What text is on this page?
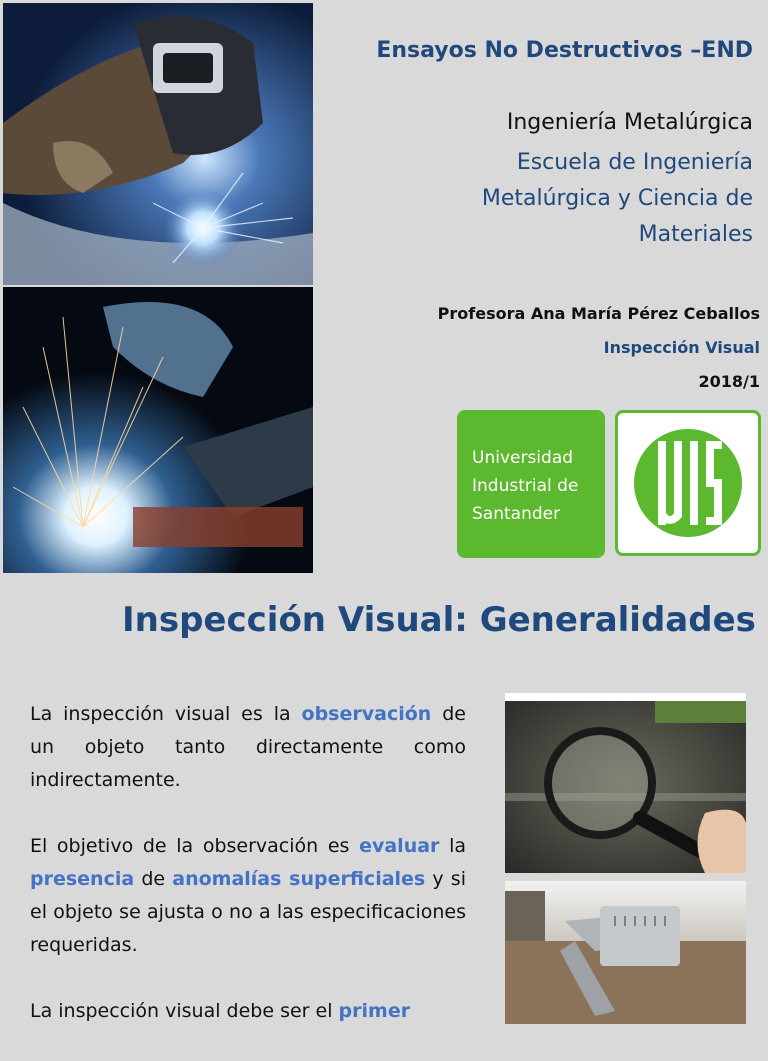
Ensayos No Destructivos –END
Ingeniería Metalúrgica
Escuela de Ingeniería
Metalúrgica y Ciencia de
Materiales
Profesora Ana María Pérez Ceballos
Inspección Visual
2018/1
Universidad
Industrial de
Santander
Inspección Visual: Generalidades

La inspección visual es la observación de un objeto tanto directamente como indirectamente.

El objetivo de la observación es evaluar la presencia de anomalías superficiales y si el objeto se ajusta o no a las especificaciones requeridas.

La inspección visual debe ser el primer
